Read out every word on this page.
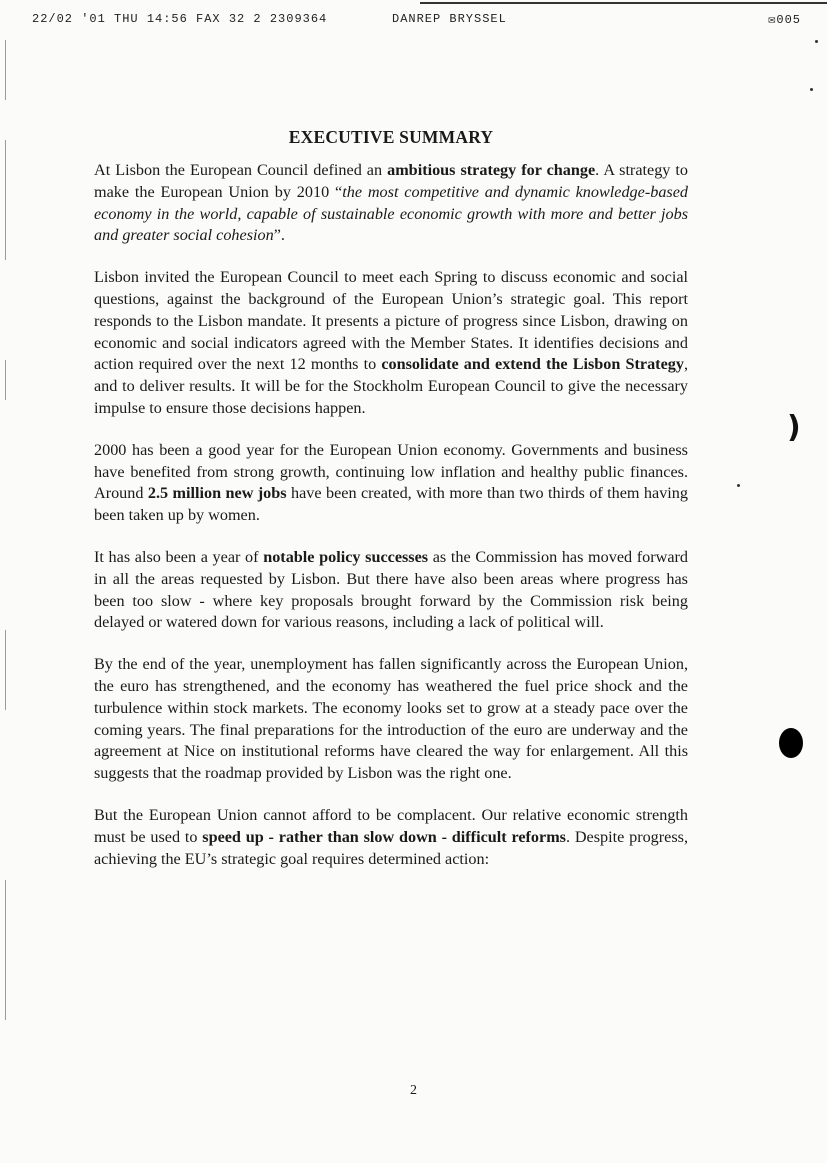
22/02 '01 THU 14:56 FAX 32 2 2309364	DANREP BRYSSEL	✉005
EXECUTIVE SUMMARY

At Lisbon the European Council defined an ambitious strategy for change. A strategy to make the European Union by 2010 “the most competitive and dynamic knowledge-based economy in the world, capable of sustainable economic growth with more and better jobs and greater social cohesion”.

Lisbon invited the European Council to meet each Spring to discuss economic and social questions, against the background of the European Union’s strategic goal. This report responds to the Lisbon mandate. It presents a picture of progress since Lisbon, drawing on economic and social indicators agreed with the Member States. It identifies decisions and action required over the next 12 months to consolidate and extend the Lisbon Strategy, and to deliver results. It will be for the Stockholm European Council to give the necessary impulse to ensure those decisions happen.

2000 has been a good year for the European Union economy. Governments and business have benefited from strong growth, continuing low inflation and healthy public finances. Around 2.5 million new jobs have been created, with more than two thirds of them having been taken up by women.

It has also been a year of notable policy successes as the Commission has moved forward in all the areas requested by Lisbon. But there have also been areas where progress has been too slow - where key proposals brought forward by the Commission risk being delayed or watered down for various reasons, including a lack of political will.

By the end of the year, unemployment has fallen significantly across the European Union, the euro has strengthened, and the economy has weathered the fuel price shock and the turbulence within stock markets. The economy looks set to grow at a steady pace over the coming years. The final preparations for the introduction of the euro are underway and the agreement at Nice on institutional reforms have cleared the way for enlargement. All this suggests that the roadmap provided by Lisbon was the right one.

But the European Union cannot afford to be complacent. Our relative economic strength must be used to speed up - rather than slow down - difficult reforms. Despite progress, achieving the EU’s strategic goal requires determined action:

2
)
